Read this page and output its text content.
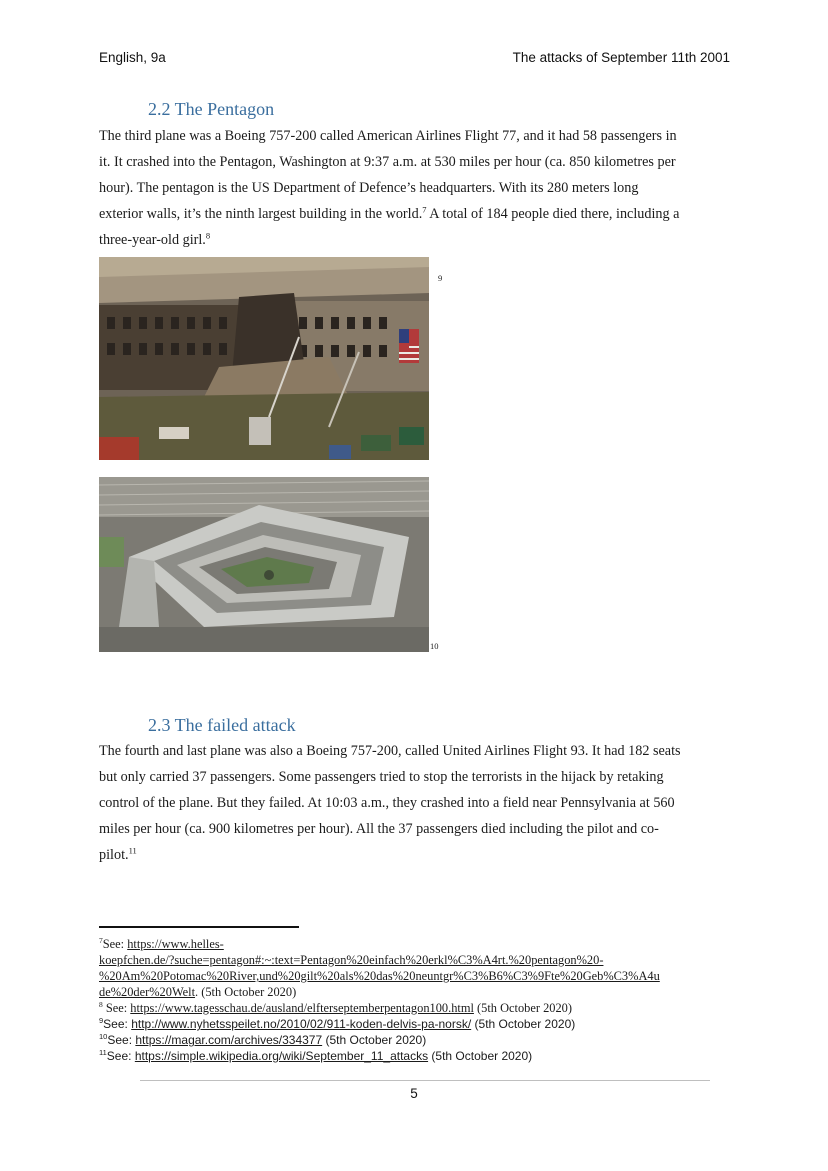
English, 9a	The attacks of September 11th 2001
2.2 The Pentagon
The third plane was a Boeing 757-200 called American Airlines Flight 77, and it had 58 passengers in
it. It crashed into the Pentagon, Washington at 9:37 a.m. at 530 miles per hour (ca. 850 kilometres per
hour). The pentagon is the US Department of Defence’s headquarters. With its 280 meters long
exterior walls, it’s the ninth largest building in the world.$^7$ A total of 184 people died there, including a
three-year-old girl.$^8$
9
10
2.3 The failed attack
The fourth and last plane was also a Boeing 757-200, called United Airlines Flight 93. It had 182 seats
but only carried 37 passengers. Some passengers tried to stop the terrorists in the hijack by retaking
control of the plane. But they failed. At 10:03 a.m., they crashed into a field near Pennsylvania at 560
miles per hour (ca. 900 kilometres per hour). All the 37 passengers died including the pilot and co-
pilot.$^{11}$
$^7$See: https://www.helles-
koepfchen.de/?suche=pentagon#:~:text=Pentagon%20einfach%20erkl%C3%A4rt.%20pentagon%20-
%20Am%20Potomac%20River,und%20gilt%20als%20das%20neuntgr%C3%B6%C3%9Fte%20Geb%C3%A4u
de%20der%20Welt. (5th October 2020)
$^8$ See: https://www.tagesschau.de/ausland/elfterseptemberpentagon100.html (5th October 2020)
$^9$See: http://www.nyhetsspeilet.no/2010/02/911-koden-delvis-pa-norsk/ (5th October 2020)
$^{10}$See: https://magar.com/archives/334377 (5th October 2020)
$^{11}$See: https://simple.wikipedia.org/wiki/September_11_attacks (5th October 2020)
5
